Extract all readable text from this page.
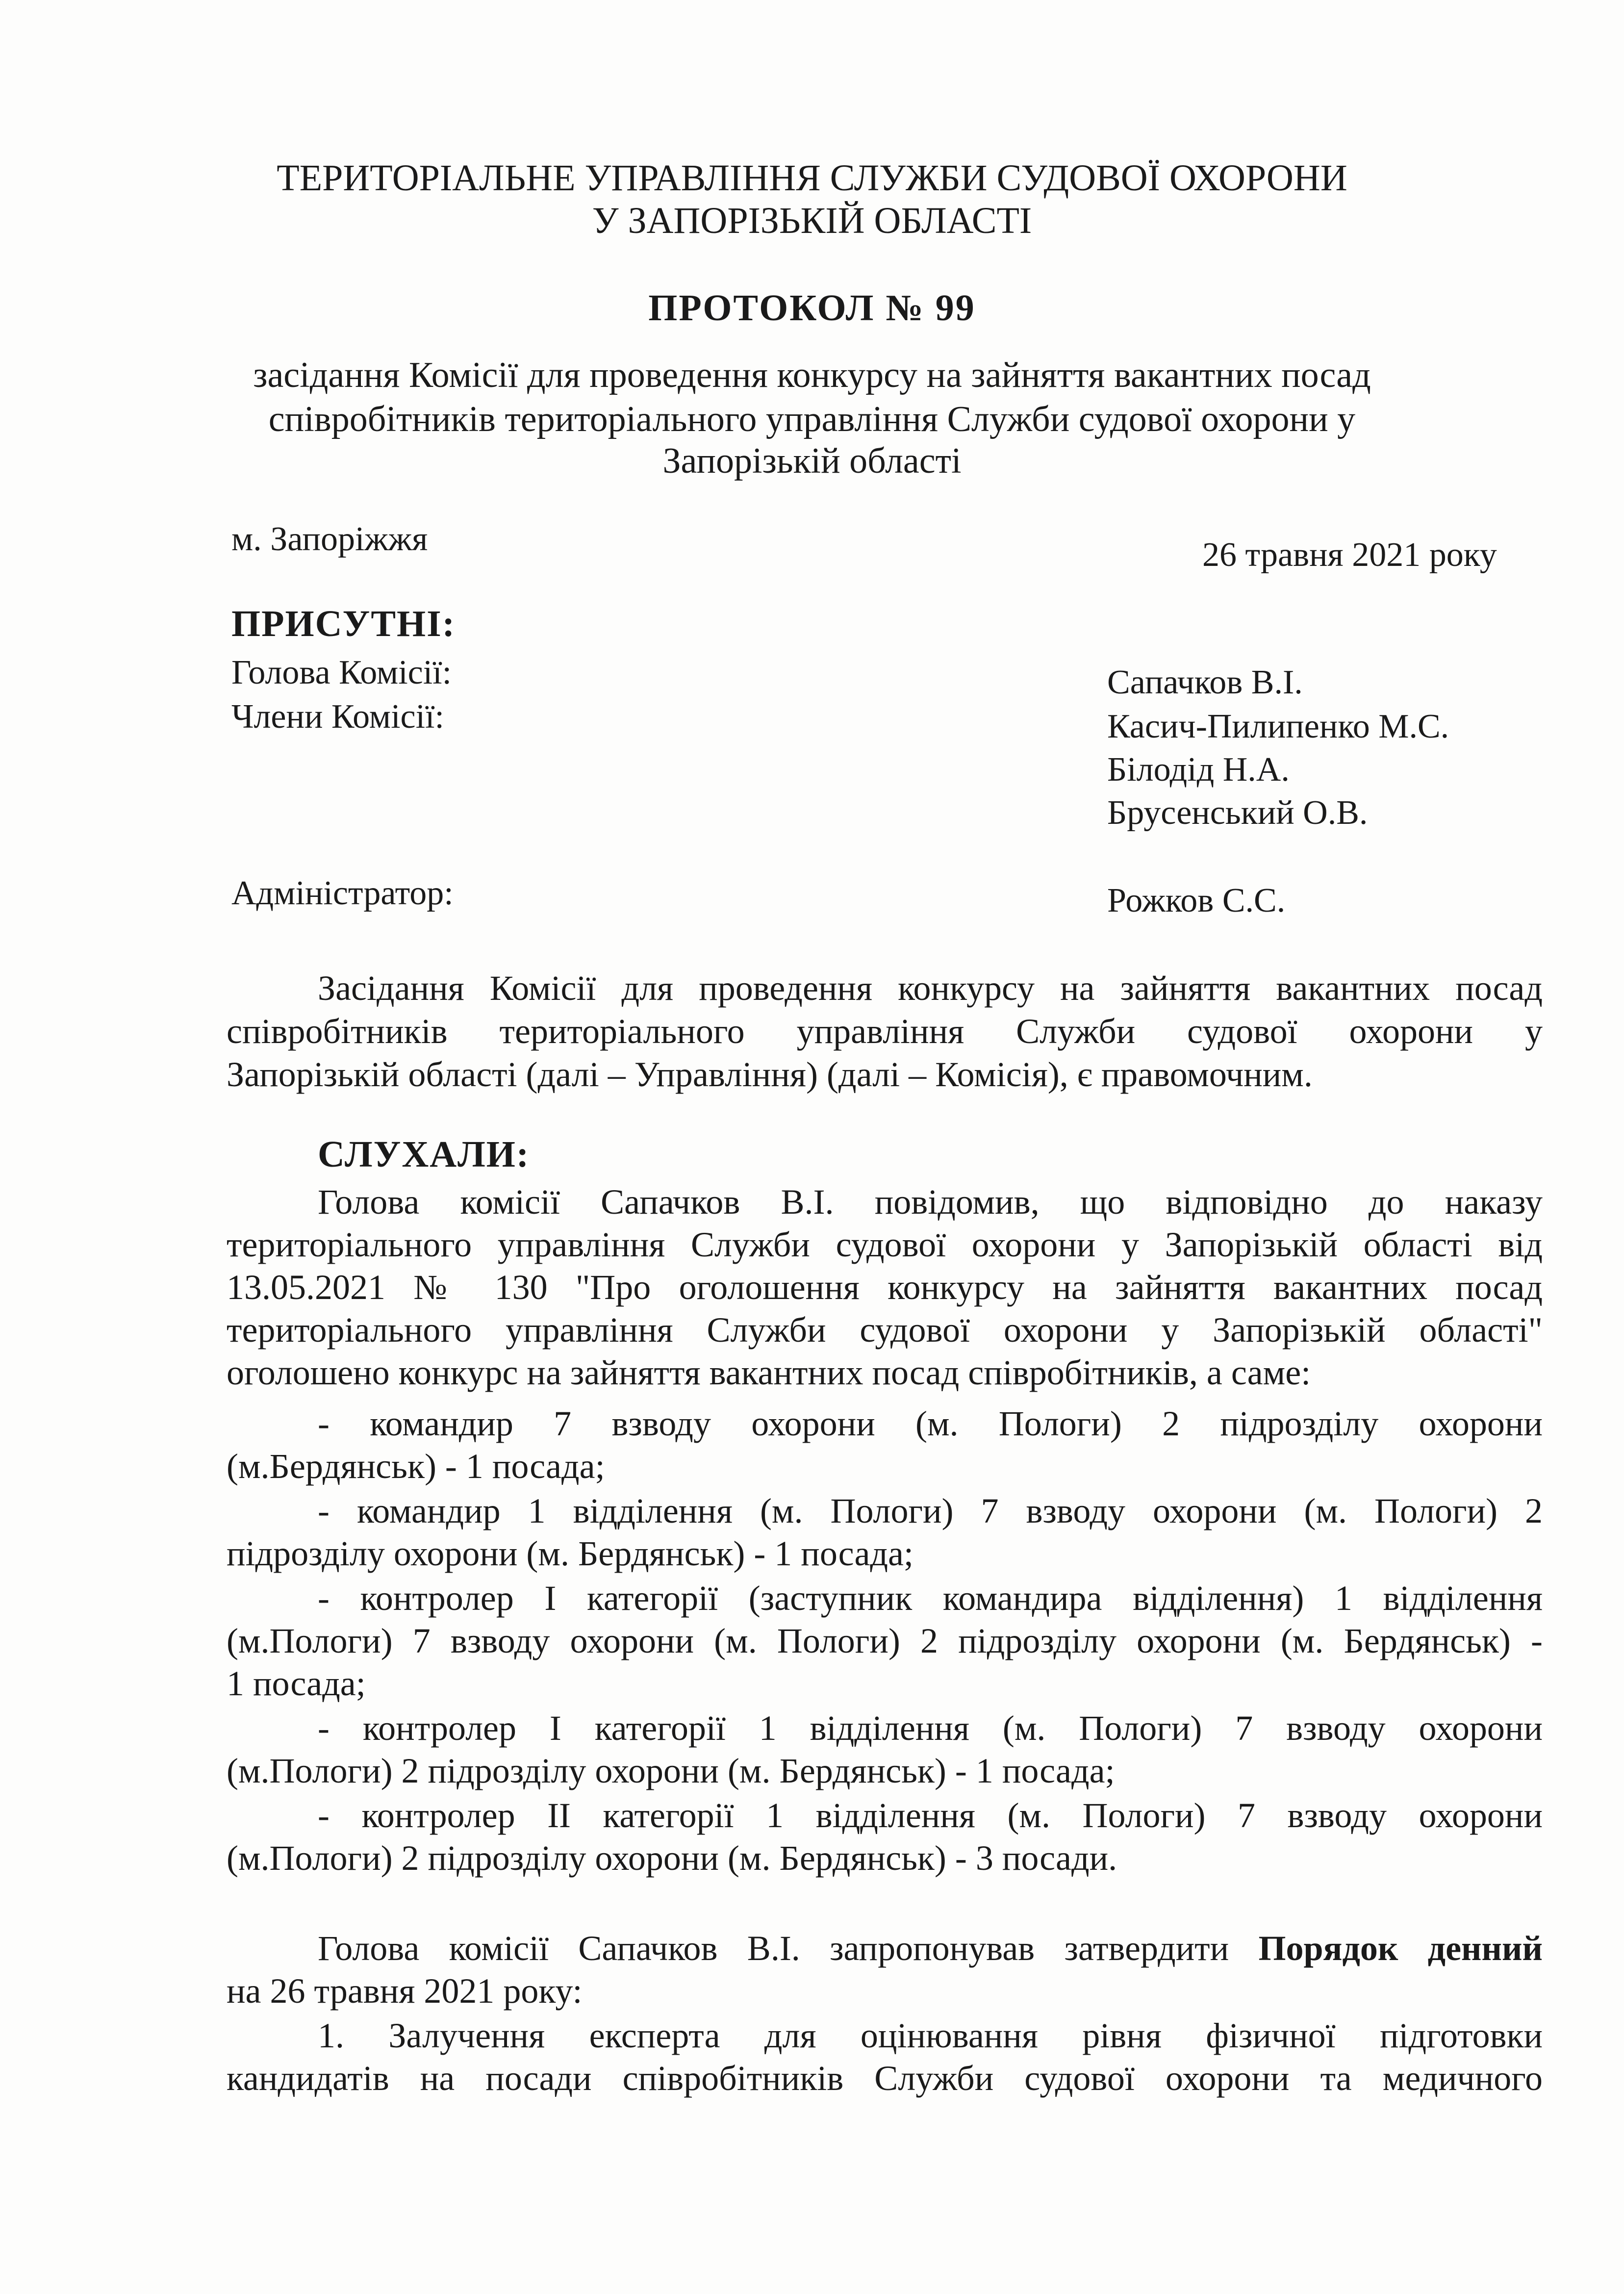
ТЕРИТОРІАЛЬНЕ УПРАВЛІННЯ СЛУЖБИ СУДОВОЇ ОХОРОНИ
У ЗАПОРІЗЬКІЙ ОБЛАСТІ
ПРОТОКОЛ № 99
засідання Комісії для проведення конкурсу на зайняття вакантних посад
співробітників територіального управління Служби судової охорони у
Запорізькій області
м. Запоріжжя	26 травня 2021 року
ПРИСУТНІ:
Голова Комісії:
Члени Комісії:
Сапачков В.І.
Касич-Пилипенко М.С.
Білодід Н.А.
Брусенський О.В.
Адміністратор:	Рожков С.С.
Засідання Комісії для проведення конкурсу на зайняття вакантних посад
співробітників територіального управління Служби судової охорони у
Запорізькій області (далі – Управління) (далі – Комісія), є правомочним.
СЛУХАЛИ:
Голова комісії Сапачков В.І. повідомив, що відповідно до наказу
територіального управління Служби судової охорони у Запорізькій області від
13.05.2021 № 130 "Про оголошення конкурсу на зайняття вакантних посад
територіального управління Служби судової охорони у Запорізькій області"
оголошено конкурс на зайняття вакантних посад співробітників, а саме:
- командир 7 взводу охорони (м. Пологи) 2 підрозділу охорони
(м.Бердянськ) - 1 посада;
- командир 1 відділення (м. Пологи) 7 взводу охорони (м. Пологи) 2
підрозділу охорони (м. Бердянськ) - 1 посада;
- контролер І категорії (заступник командира відділення) 1 відділення
(м.Пологи) 7 взводу охорони (м. Пологи) 2 підрозділу охорони (м. Бердянськ) -
1 посада;
- контролер І категорії 1 відділення (м. Пологи) 7 взводу охорони
(м.Пологи) 2 підрозділу охорони (м. Бердянськ) - 1 посада;
- контролер ІІ категорії 1 відділення (м. Пологи) 7 взводу охорони
(м.Пологи) 2 підрозділу охорони (м. Бердянськ) - 3 посади.
Голова комісії Сапачков В.І. запропонував затвердити Порядок денний
на 26 травня 2021 року:
1. Залучення експерта для оцінювання рівня фізичної підготовки
кандидатів на посади співробітників Служби судової охорони та медичного
